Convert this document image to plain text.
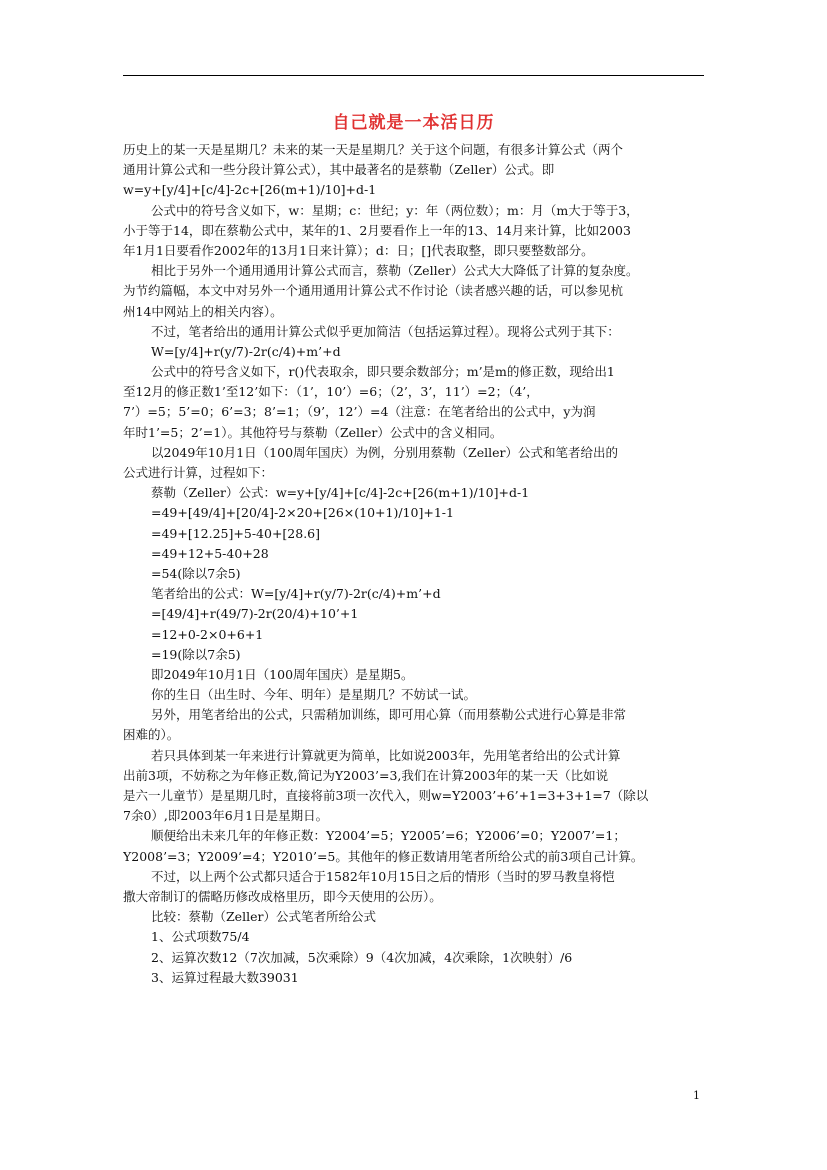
自己就是一本活日历
历史上的某一天是星期几？未来的某一天是星期几？关于这个问题，有很多计算公式（两个
通用计算公式和一些分段计算公式），其中最著名的是蔡勒（Zeller）公式。即
w=y+[y/4]+[c/4]-2c+[26(m+1)/10]+d-1
公式中的符号含义如下，w：星期；c：世纪；y：年（两位数）；m：月（m大于等于3，
小于等于14，即在蔡勒公式中，某年的1、2月要看作上一年的13、14月来计算，比如2003
年1月1日要看作2002年的13月1日来计算）；d：日；[]代表取整，即只要整数部分。
相比于另外一个通用通用计算公式而言，蔡勒（Zeller）公式大大降低了计算的复杂度。
为节约篇幅，本文中对另外一个通用通用计算公式不作讨论（读者感兴趣的话，可以参见杭
州14中网站上的相关内容）。
不过，笔者给出的通用计算公式似乎更加简洁（包括运算过程）。现将公式列于其下：
W=[y/4]+r(y/7)-2r(c/4)+m’+d
公式中的符号含义如下，r()代表取余，即只要余数部分；m’是m的修正数，现给出1
至12月的修正数1’至12’如下：（1’，10’）=6；（2’，3’，11’）=2；（4’，
7’）=5；5’=0；6’=3；8’=1；（9’，12’）=4（注意：在笔者给出的公式中，y为润
年时1’=5；2’=1）。其他符号与蔡勒（Zeller）公式中的含义相同。
以2049年10月1日（100周年国庆）为例，分别用蔡勒（Zeller）公式和笔者给出的
公式进行计算，过程如下：
蔡勒（Zeller）公式：w=y+[y/4]+[c/4]-2c+[26(m+1)/10]+d-1
=49+[49/4]+[20/4]-2×20+[26×(10+1)/10]+1-1
=49+[12.25]+5-40+[28.6]
=49+12+5-40+28
=54(除以7余5)
笔者给出的公式：W=[y/4]+r(y/7)-2r(c/4)+m’+d
=[49/4]+r(49/7)-2r(20/4)+10’+1
=12+0-2×0+6+1
=19(除以7余5)
即2049年10月1日（100周年国庆）是星期5。
你的生日（出生时、今年、明年）是星期几？不妨试一试。
另外，用笔者给出的公式，只需稍加训练，即可用心算（而用蔡勒公式进行心算是非常
困难的）。
若只具体到某一年来进行计算就更为简单，比如说2003年，先用笔者给出的公式计算
出前3项，不妨称之为年修正数,简记为Y2003’=3,我们在计算2003年的某一天（比如说
是六一儿童节）是星期几时，直接将前3项一次代入，则w=Y2003’+6’+1=3+3+1=7（除以
7余0）,即2003年6月1日是星期日。
顺便给出未来几年的年修正数：Y2004’=5；Y2005’=6；Y2006’=0；Y2007’=1；
Y2008’=3；Y2009’=4；Y2010’=5。其他年的修正数请用笔者所给公式的前3项自己计算。
不过，以上两个公式都只适合于1582年10月15日之后的情形（当时的罗马教皇将恺
撒大帝制订的儒略历修改成格里历，即今天使用的公历）。
比较：蔡勒（Zeller）公式笔者所给公式
1、公式项数75/4
2、运算次数12（7次加减，5次乘除）9（4次加减，4次乘除，1次映射）/6
3、运算过程最大数39031
1
